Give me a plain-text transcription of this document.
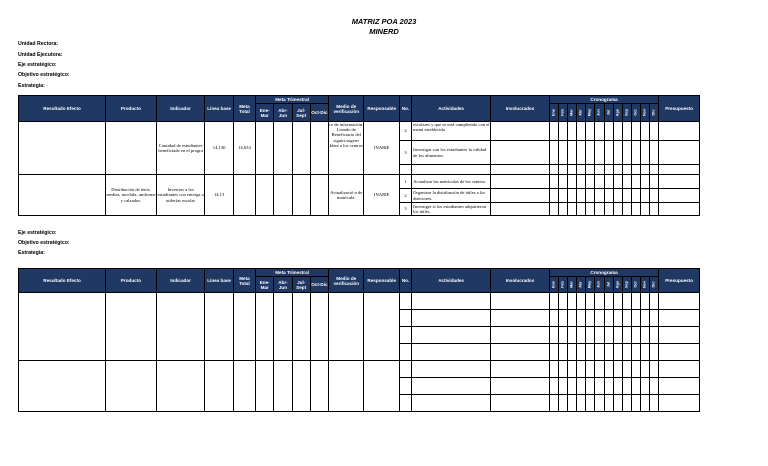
MATRIZ POA 2023
MINERD
Unidad Rectora:
Unidad Ejecutora:
Eje estratégico:
Objetivo estratégico:
Estrategia:
Resultado Efecto	Producto	Indicador	Línea base	Meta Total	Meta Trimestral				Medio de verificación	Responsable	No.	Actividades	Involucrados	Cronograma												Presupuesto
					Ene-Mar	Abr-Jun	Jul-Sept	Oct-Dic						Ene	Feb	Mar	Abr	May	Jun	Jul	Ago	Sep	Oct	Nov	Dic	

		Cantidad de estudiantes beneficiado en el progra	14,130	14,654					ro de información. Listado de Beneficiario del siguiri.sugerir klent a los centros	INABIE	2	escolares y que se está cumpliendo con el menú establecido.														
											3	Investigar con los estudiantes la calidad de los alimentos.														

	Distribución de tenis, medias, mochila, uniforme y calzados.	Investorr a los estudiantes con entrega a utilerías escolar	14.13						Actualizació n de matrícula.	INABIE	1	Actualizar las matrículas de los centros.														
											2	Organizar la distribución de útiles a los directores.														
											3	Investiger si los estudiantes adquirieron los útiles.														
Eje estratégico:
Objetivo estratégico:
Estrategia:
Resultado Efecto	Producto	Indicador	Línea base	Meta Total	Meta Trimestral				Medio de verificación	Responsable	No.	Actividades	Involucrados	Cronograma												Presupuesto
					Ene-Mar	Abr-Jun	Jul-Sept	Oct-Dic						Ene	Feb	Mar	Abr	May	Jun	Jul	Ago	Sep	Oct	Nov	Dic	
